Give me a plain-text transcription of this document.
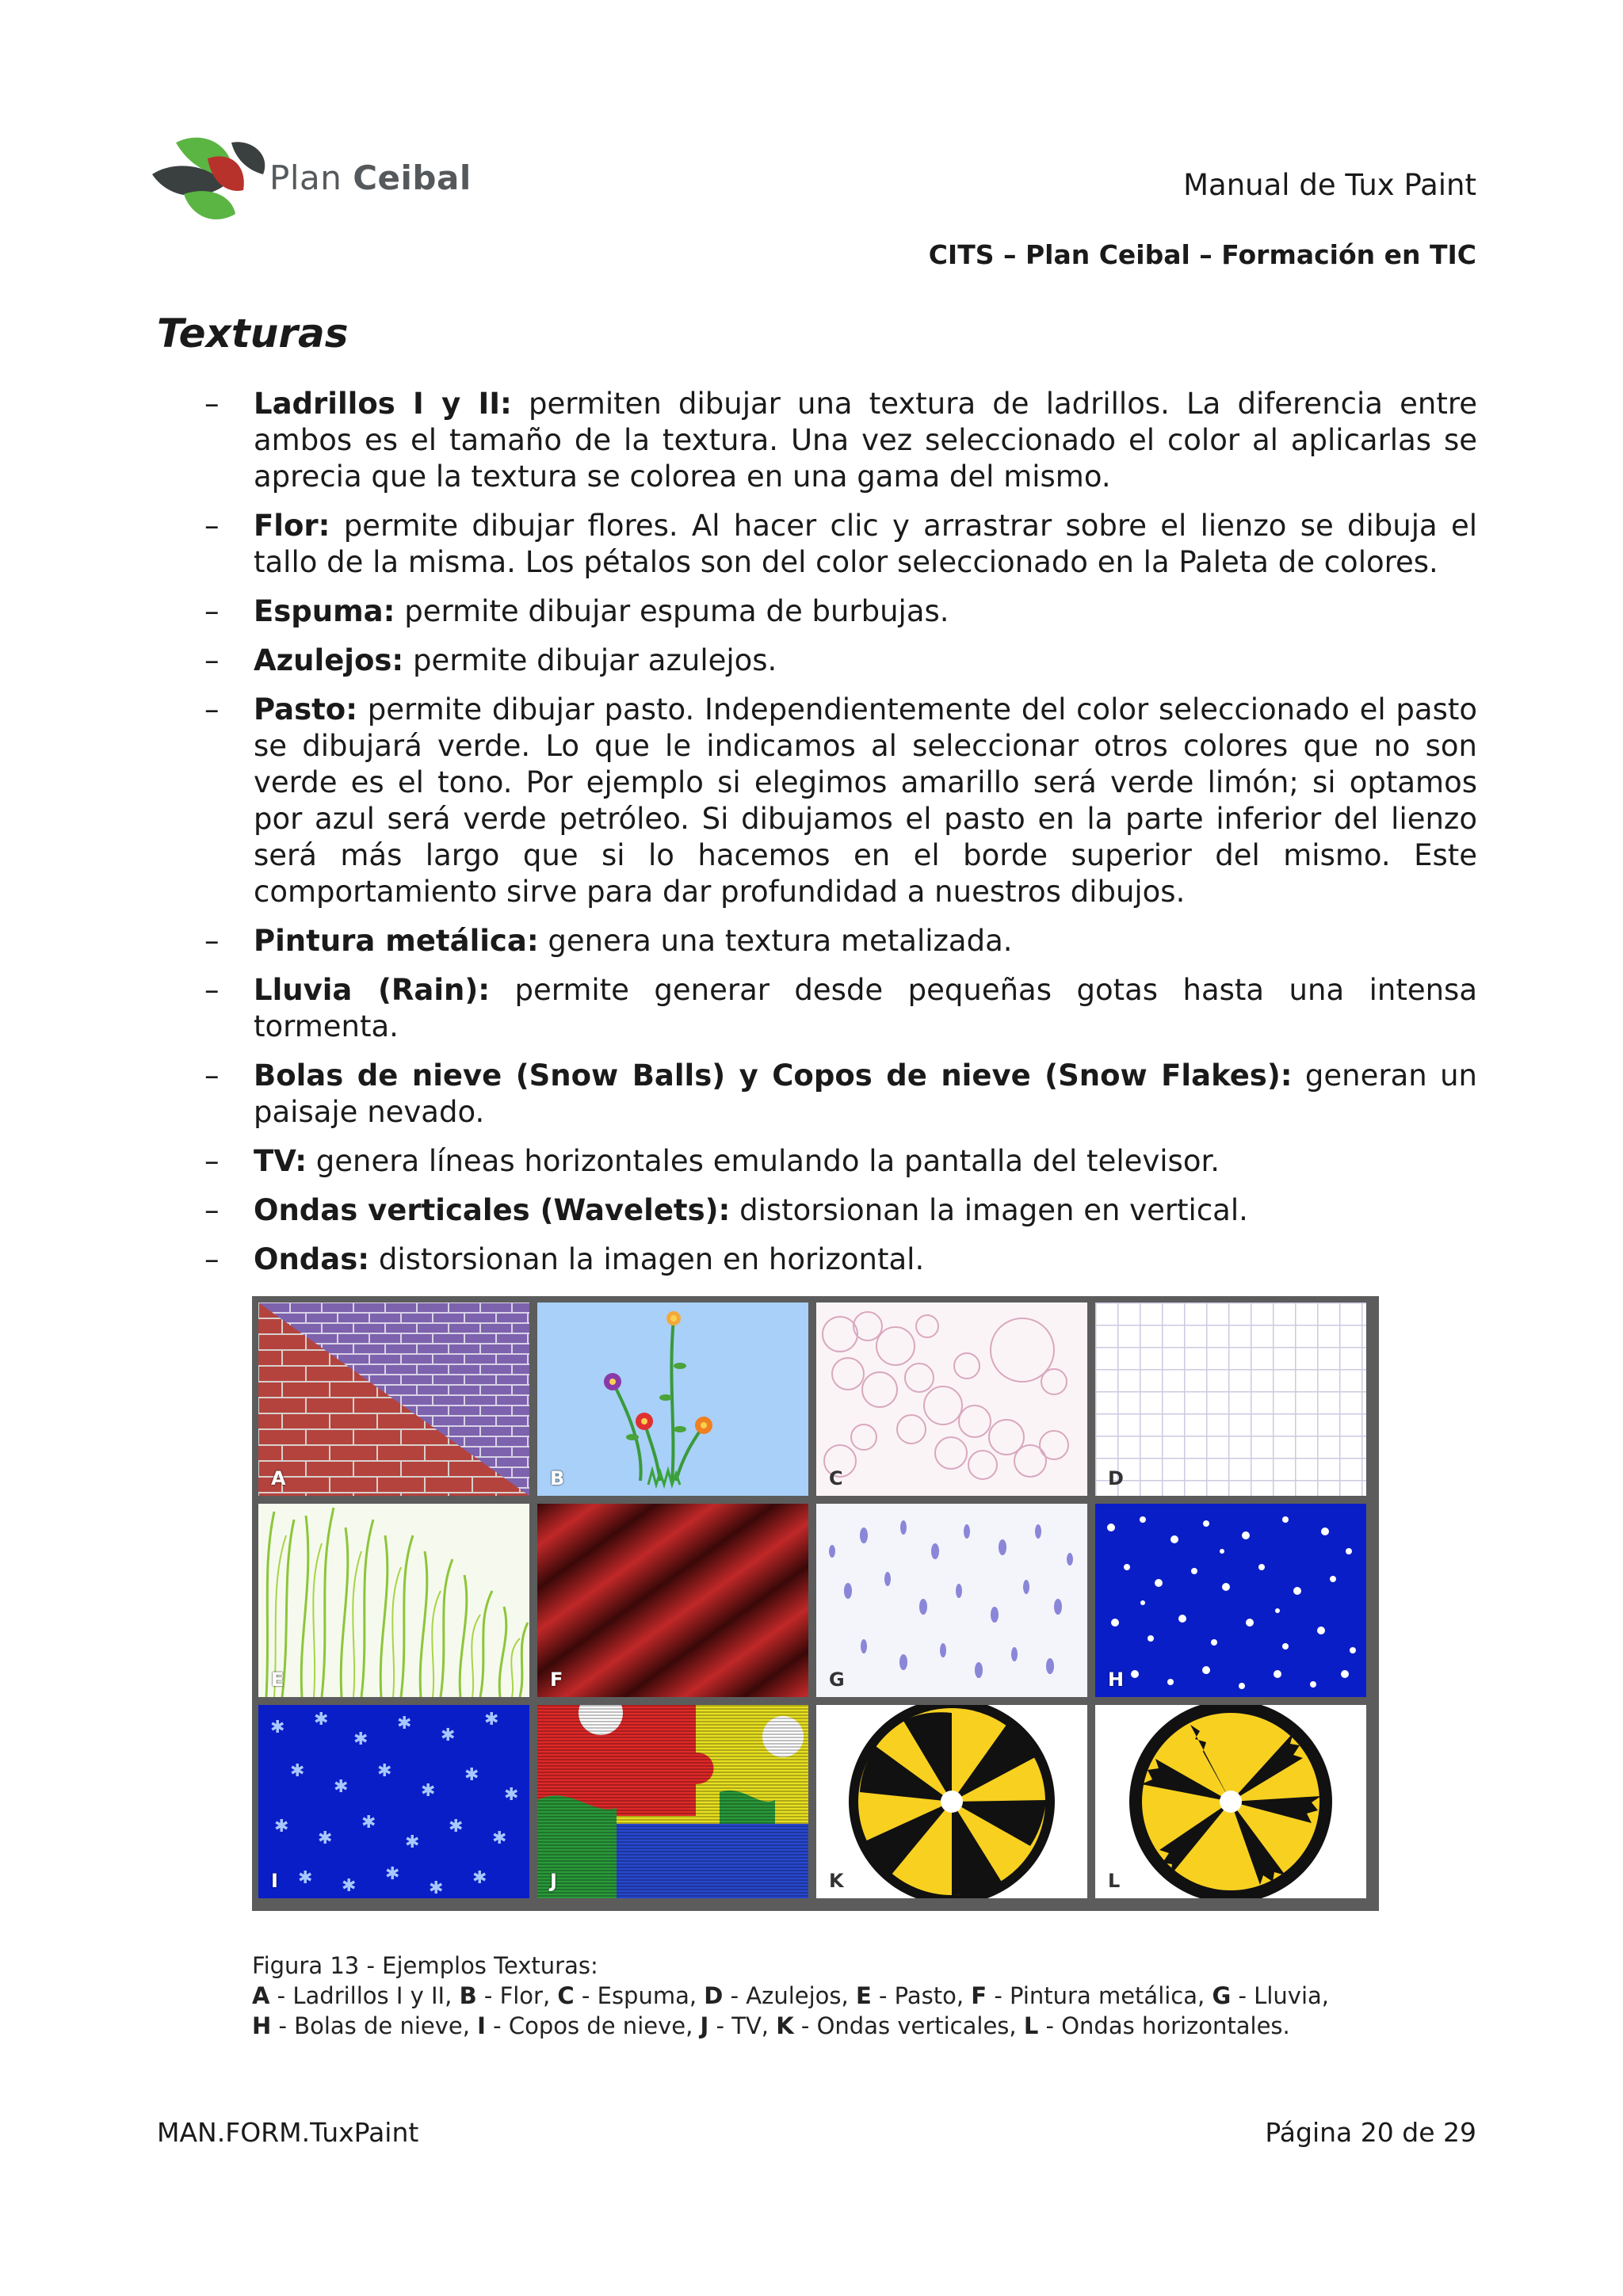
Plan Ceibal	Manual de Tux Paint
CITS – Plan Ceibal – Formación en TIC
Texturas
– Ladrillos I y II: permiten dibujar una textura de ladrillos. La diferencia entre ambos es el tamaño de la textura. Una vez seleccionado el color al aplicarlas se aprecia que la textura se colorea en una gama del mismo.
– Flor: permite dibujar flores. Al hacer clic y arrastrar sobre el lienzo se dibuja el tallo de la misma. Los pétalos son del color seleccionado en la Paleta de colores.
– Espuma: permite dibujar espuma de burbujas.
– Azulejos: permite dibujar azulejos.
– Pasto: permite dibujar pasto. Independientemente del color seleccionado el pasto se dibujará verde. Lo que le indicamos al seleccionar otros colores que no son verde es el tono. Por ejemplo si elegimos amarillo será verde limón; si optamos por azul será verde petróleo. Si dibujamos el pasto en la parte inferior del lienzo será más largo que si lo hacemos en el borde superior del mismo. Este comportamiento sirve para dar profundidad a nuestros dibujos.
– Pintura metálica: genera una textura metalizada.
– Lluvia (Rain): permite generar desde pequeñas gotas hasta una intensa tormenta.
– Bolas de nieve (Snow Balls) y Copos de nieve (Snow Flakes): generan un paisaje nevado.
– TV: genera líneas horizontales emulando la pantalla del televisor.
– Ondas verticales (Wavelets): distorsionan la imagen en vertical.
– Ondas: distorsionan la imagen en horizontal.
A	B	C	D
E	F	G	H
✱ ✱
✱
✱
✱
✱
✱
✱
✱
✱
✱
✱
✱
✱
✱
✱
✱
✱
✱ ✱
✱
✱
✱
I	J	K	L
Figura 13 - Ejemplos Texturas:
A - Ladrillos I y II, B - Flor, C - Espuma, D - Azulejos, E - Pasto, F - Pintura metálica, G - Lluvia,
H - Bolas de nieve, I - Copos de nieve, J - TV, K - Ondas verticales, L - Ondas horizontales.
MAN.FORM.TuxPaint	Página 20 de 29
